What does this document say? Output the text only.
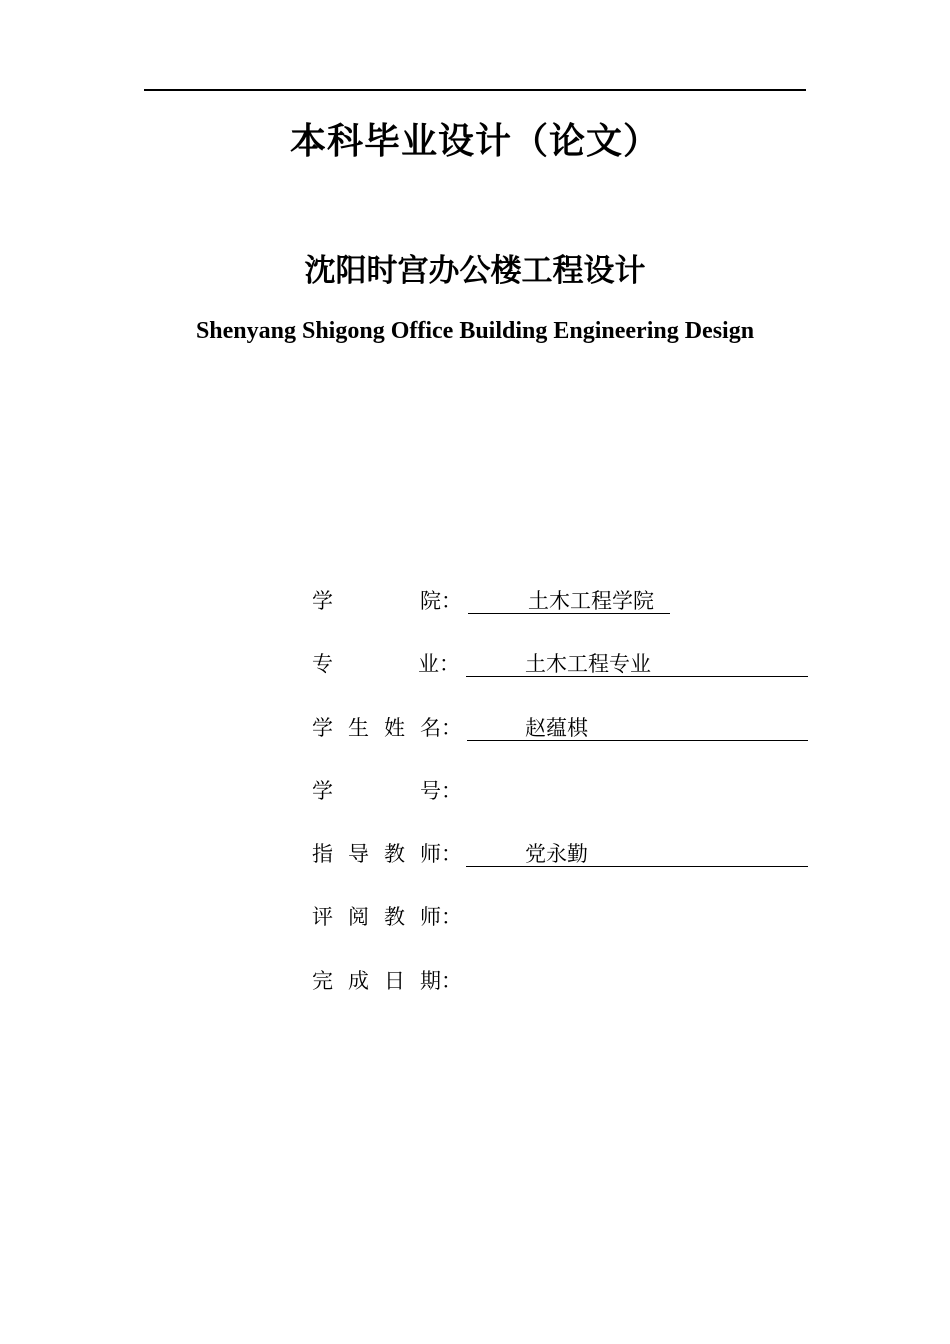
本科毕业设计（论文）
沈阳时宫办公楼工程设计
Shenyang Shigong Office Building Engineering Design
学	院：	土木工程学院
专	业：	土木工程专业
学 生 姓 名：	赵蕴棋
学	号：
指 导 教 师：	党永勤
评 阅 教 师：
完 成 日 期：
